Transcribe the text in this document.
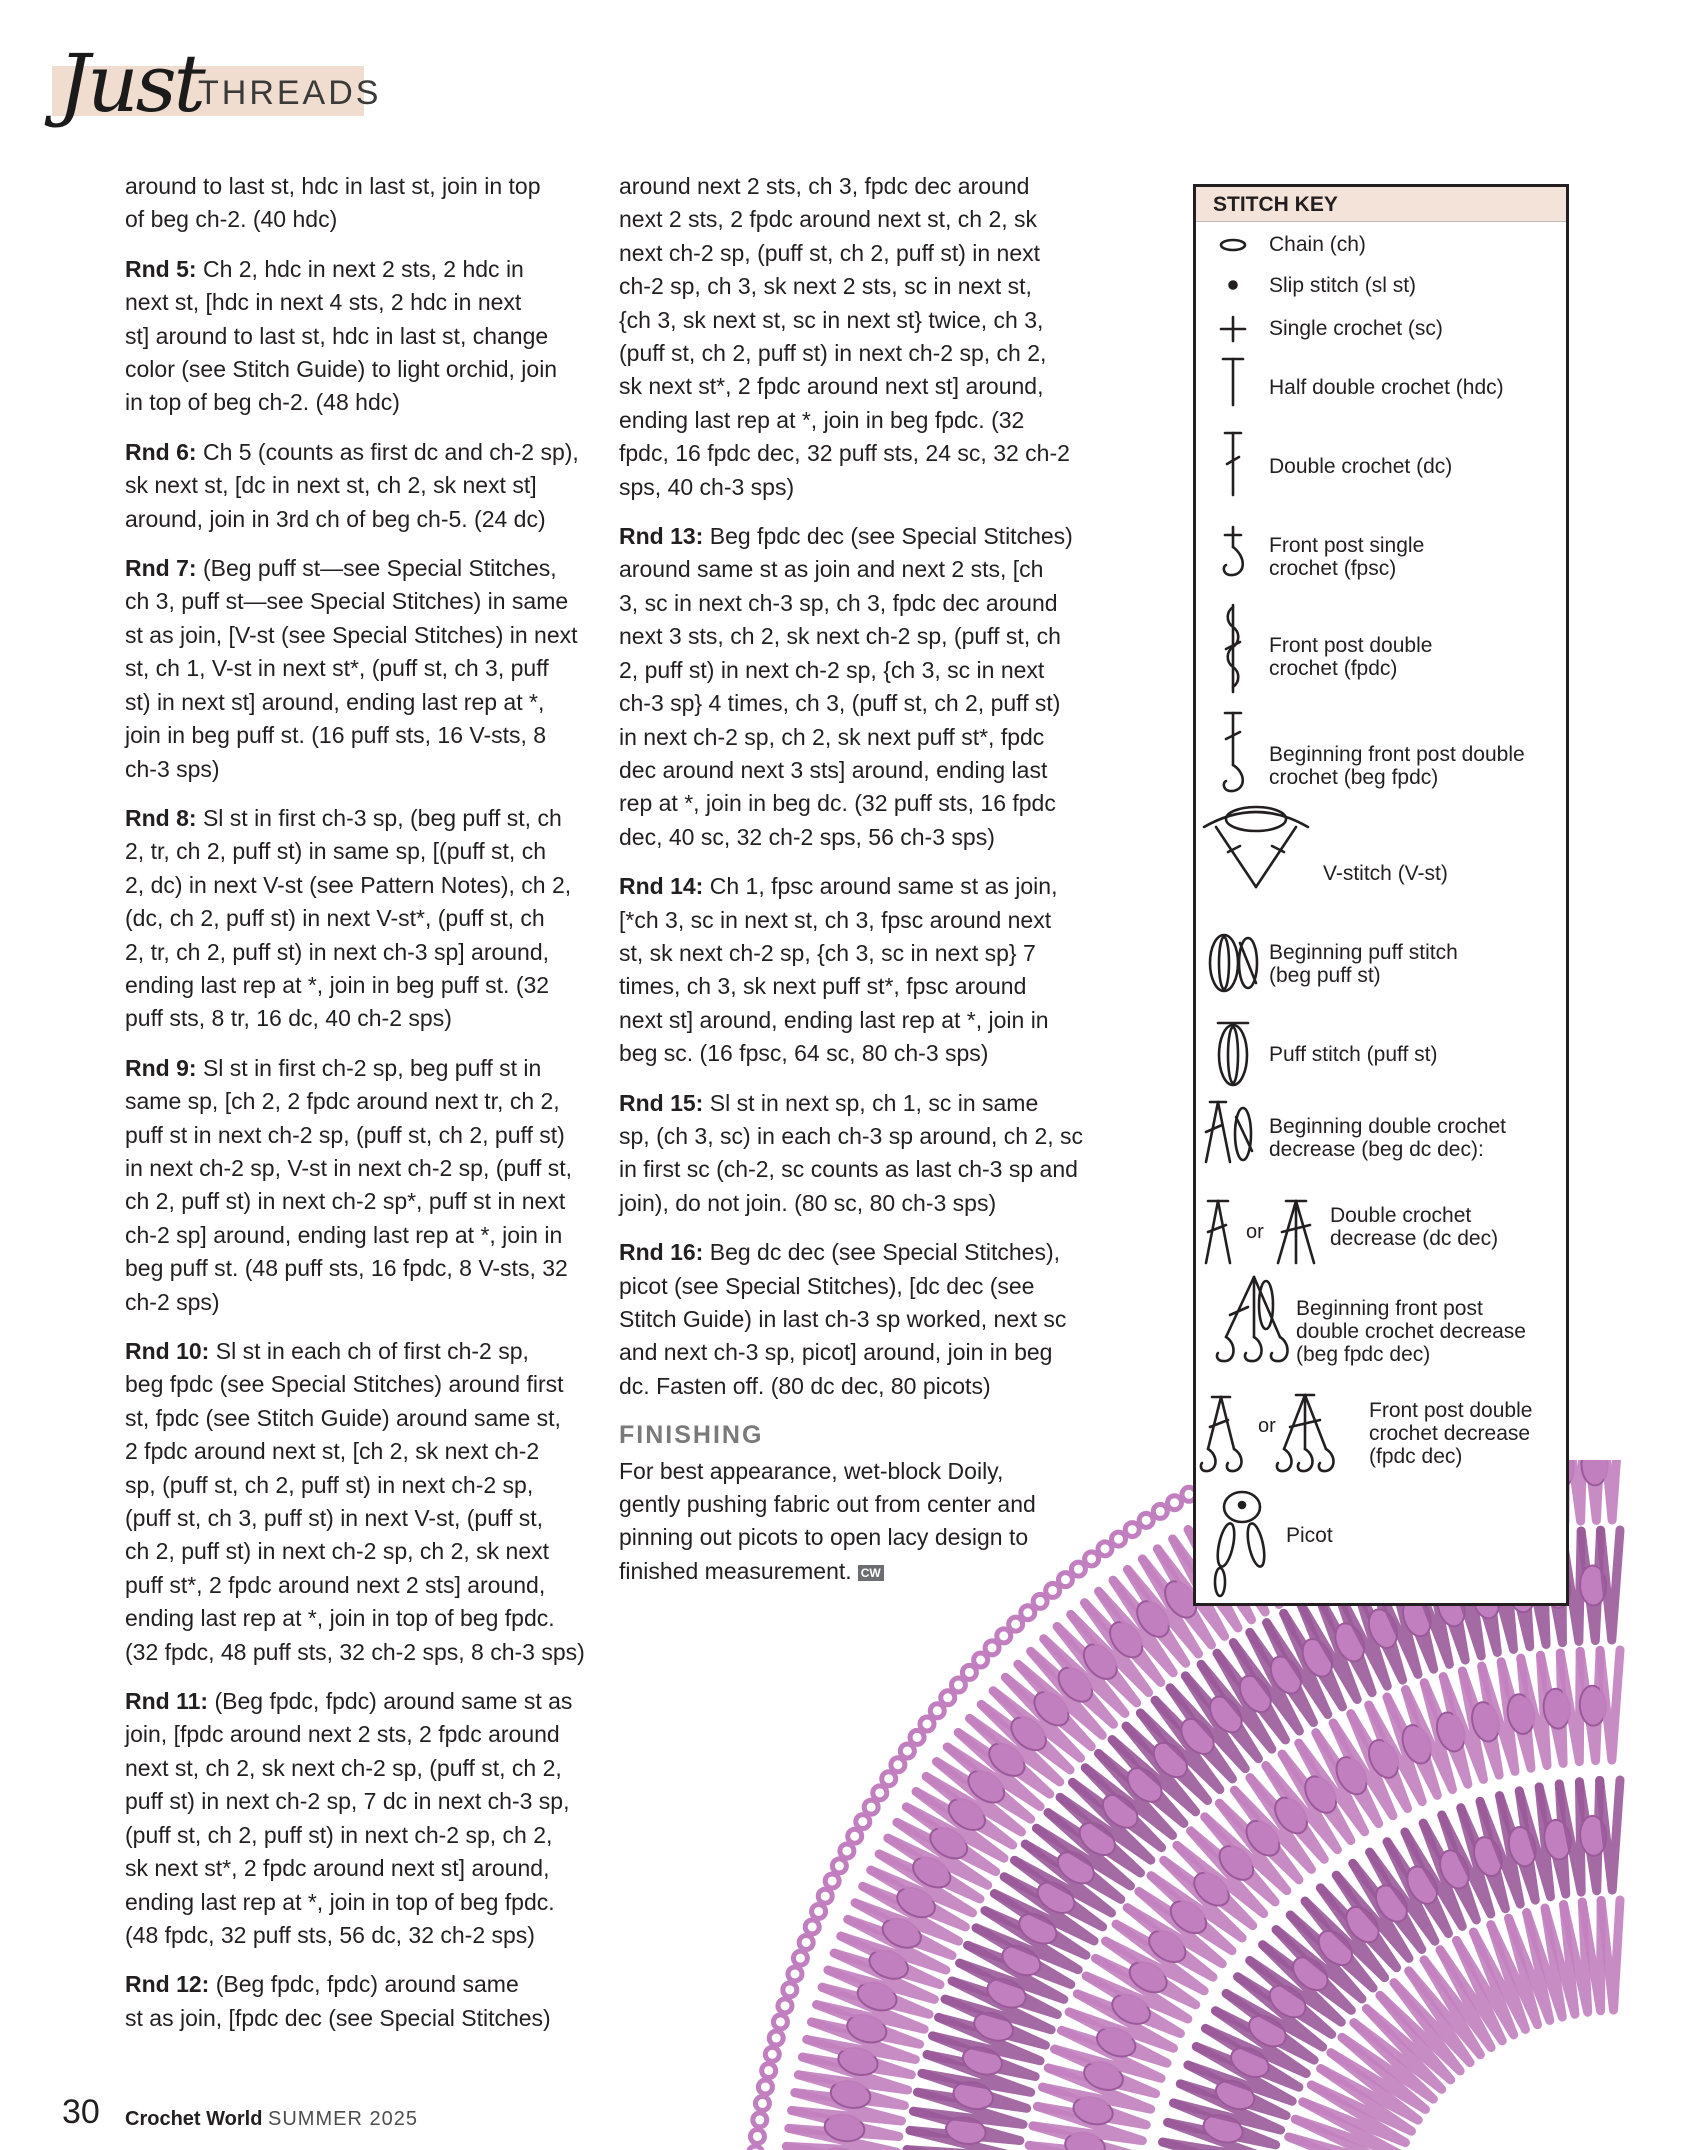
Just
THREADS
around to last st, hdc in last st, join in top
of beg ch-2. (40 hdc)
Rnd 5: Ch 2, hdc in next 2 sts, 2 hdc in
next st, [hdc in next 4 sts, 2 hdc in next
st] around to last st, hdc in last st, change
color (see Stitch Guide) to light orchid, join
in top of beg ch-2. (48 hdc)
Rnd 6: Ch 5 (counts as first dc and ch-2 sp),
sk next st, [dc in next st, ch 2, sk next st]
around, join in 3rd ch of beg ch-5. (24 dc)
Rnd 7: (Beg puff st—see Special Stitches,
ch 3, puff st—see Special Stitches) in same
st as join, [V-st (see Special Stitches) in next
st, ch 1, V-st in next st*, (puff st, ch 3, puff
st) in next st] around, ending last rep at *,
join in beg puff st. (16 puff sts, 16 V-sts, 8
ch-3 sps)
Rnd 8: Sl st in first ch-3 sp, (beg puff st, ch
2, tr, ch 2, puff st) in same sp, [(puff st, ch
2, dc) in next V-st (see Pattern Notes), ch 2,
(dc, ch 2, puff st) in next V-st*, (puff st, ch
2, tr, ch 2, puff st) in next ch-3 sp] around,
ending last rep at *, join in beg puff st. (32
puff sts, 8 tr, 16 dc, 40 ch-2 sps)
Rnd 9: Sl st in first ch-2 sp, beg puff st in
same sp, [ch 2, 2 fpdc around next tr, ch 2,
puff st in next ch-2 sp, (puff st, ch 2, puff st)
in next ch-2 sp, V-st in next ch-2 sp, (puff st,
ch 2, puff st) in next ch-2 sp*, puff st in next
ch-2 sp] around, ending last rep at *, join in
beg puff st. (48 puff sts, 16 fpdc, 8 V-sts, 32
ch-2 sps)
Rnd 10: Sl st in each ch of first ch-2 sp,
beg fpdc (see Special Stitches) around first
st, fpdc (see Stitch Guide) around same st,
2 fpdc around next st, [ch 2, sk next ch-2
sp, (puff st, ch 2, puff st) in next ch-2 sp,
(puff st, ch 3, puff st) in next V-st, (puff st,
ch 2, puff st) in next ch-2 sp, ch 2, sk next
puff st*, 2 fpdc around next 2 sts] around,
ending last rep at *, join in top of beg fpdc.
(32 fpdc, 48 puff sts, 32 ch-2 sps, 8 ch-3 sps)
Rnd 11: (Beg fpdc, fpdc) around same st as
join, [fpdc around next 2 sts, 2 fpdc around
next st, ch 2, sk next ch-2 sp, (puff st, ch 2,
puff st) in next ch-2 sp, 7 dc in next ch-3 sp,
(puff st, ch 2, puff st) in next ch-2 sp, ch 2,
sk next st*, 2 fpdc around next st] around,
ending last rep at *, join in top of beg fpdc.
(48 fpdc, 32 puff sts, 56 dc, 32 ch-2 sps)
Rnd 12: (Beg fpdc, fpdc) around same
st as join, [fpdc dec (see Special Stitches)
around next 2 sts, ch 3, fpdc dec around
next 2 sts, 2 fpdc around next st, ch 2, sk
next ch-2 sp, (puff st, ch 2, puff st) in next
ch-2 sp, ch 3, sk next 2 sts, sc in next st,
{ch 3, sk next st, sc in next st} twice, ch 3,
(puff st, ch 2, puff st) in next ch-2 sp, ch 2,
sk next st*, 2 fpdc around next st] around,
ending last rep at *, join in beg fpdc. (32
fpdc, 16 fpdc dec, 32 puff sts, 24 sc, 32 ch-2
sps, 40 ch-3 sps)
Rnd 13: Beg fpdc dec (see Special Stitches)
around same st as join and next 2 sts, [ch
3, sc in next ch-3 sp, ch 3, fpdc dec around
next 3 sts, ch 2, sk next ch-2 sp, (puff st, ch
2, puff st) in next ch-2 sp, {ch 3, sc in next
ch-3 sp} 4 times, ch 3, (puff st, ch 2, puff st)
in next ch-2 sp, ch 2, sk next puff st*, fpdc
dec around next 3 sts] around, ending last
rep at *, join in beg dc. (32 puff sts, 16 fpdc
dec, 40 sc, 32 ch-2 sps, 56 ch-3 sps)
Rnd 14: Ch 1, fpsc around same st as join,
[*ch 3, sc in next st, ch 3, fpsc around next
st, sk next ch-2 sp, {ch 3, sc in next sp} 7
times, ch 3, sk next puff st*, fpsc around
next st] around, ending last rep at *, join in
beg sc. (16 fpsc, 64 sc, 80 ch-3 sps)
Rnd 15: Sl st in next sp, ch 1, sc in same
sp, (ch 3, sc) in each ch-3 sp around, ch 2, sc
in first sc (ch-2, sc counts as last ch-3 sp and
join), do not join. (80 sc, 80 ch-3 sps)
Rnd 16: Beg dc dec (see Special Stitches),
picot (see Special Stitches), [dc dec (see
Stitch Guide) in last ch-3 sp worked, next sc
and next ch-3 sp, picot] around, join in beg
dc. Fasten off. (80 dc dec, 80 picots)
FINISHING
For best appearance, wet-block Doily,
gently pushing fabric out from center and
pinning out picots to open lacy design to
finished measurement. CW
STITCH KEY
Chain (ch)
Slip stitch (sl st)
Single crochet (sc)
Half double crochet (hdc)
Double crochet (dc)
Front post single
crochet (fpsc)
Front post double
crochet (fpdc)
Beginning front post double
crochet (beg fpdc)
V-stitch (V-st)
Beginning puff stitch
(beg puff st)
Puff stitch (puff st)
Beginning double crochet
decrease (beg dc dec):
or
Double crochet
decrease (dc dec)
Beginning front post
double crochet decrease
(beg fpdc dec)
or
Front post double
crochet decrease
(fpdc dec)
Picot
30 Crochet World SUMMER 2025
